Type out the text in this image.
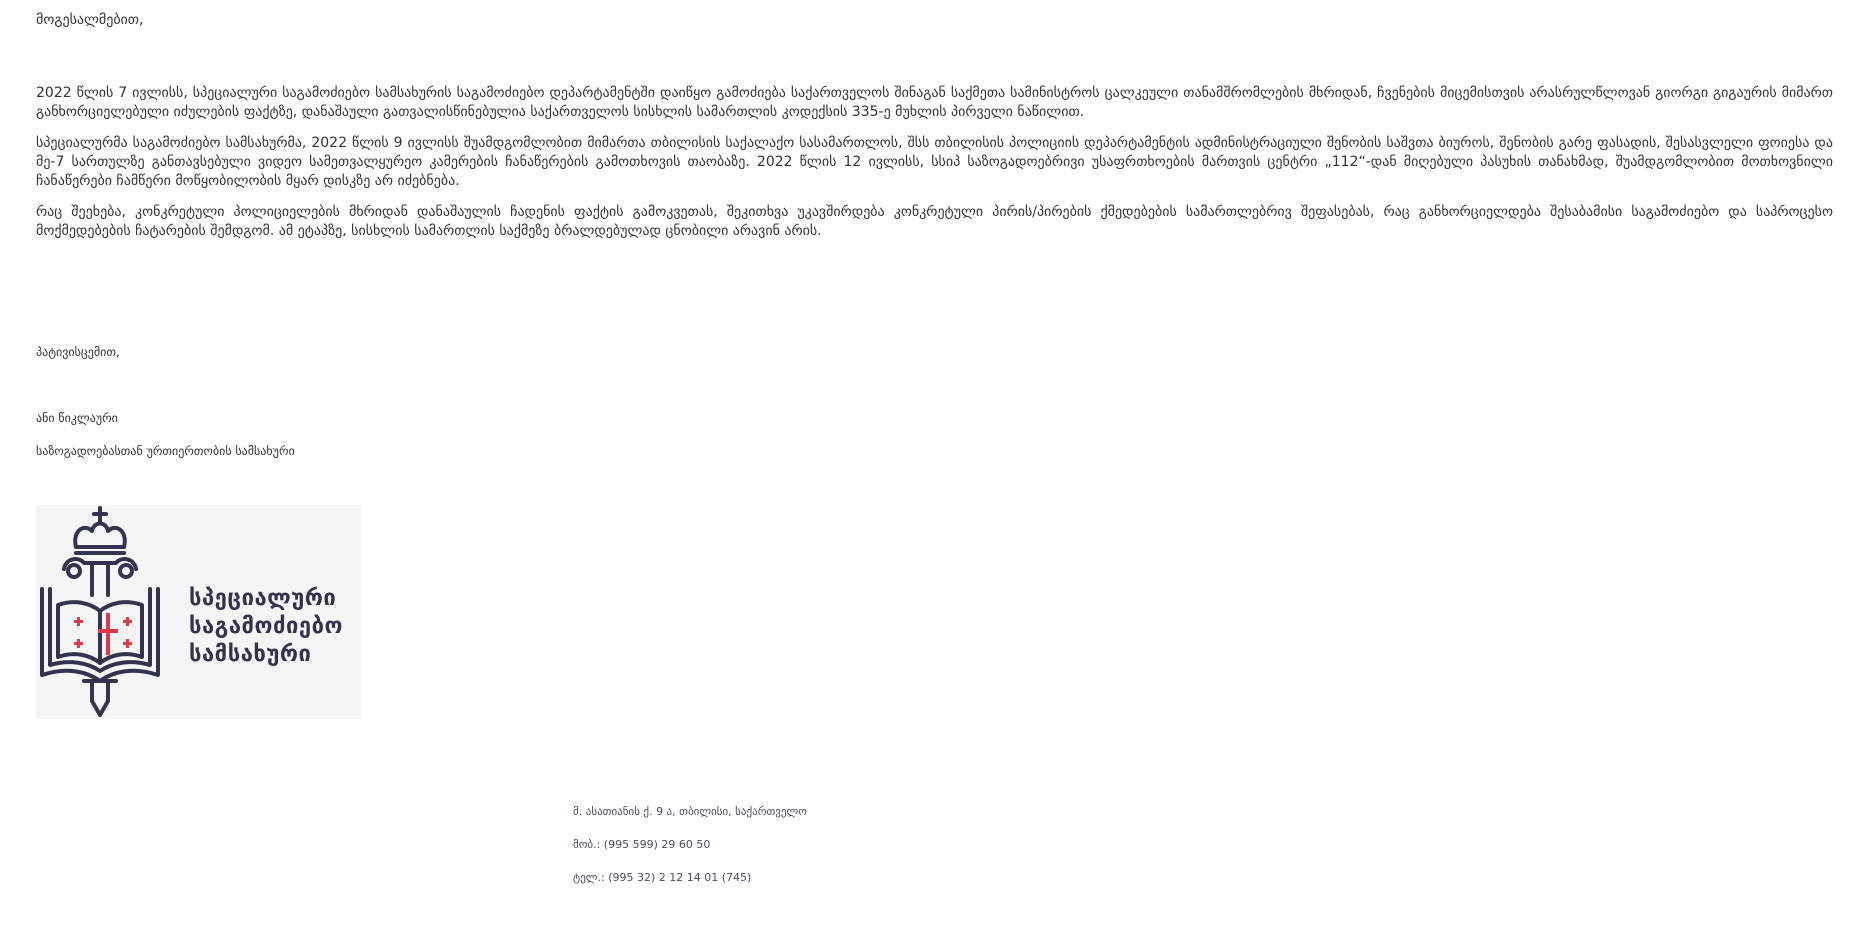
მოგესალმებით,

2022 წლის 7 ივლისს, სპეციალური საგამოძიებო სამსახურის საგამოძიებო დეპარტამენტში დაიწყო გამოძიება საქართველოს შინაგან საქმეთა სამინისტროს ცალკეული თანამშრომლების მხრიდან, ჩვენების მიცემისთვის არასრულწლოვან გიორგი გიგაურის მიმართ განხორციელებული იძულების ფაქტზე, დანაშაული გათვალისწინებულია საქართველოს სისხლის სამართლის კოდექსის 335-ე მუხლის პირველი ნაწილით.

სპეციალურმა საგამოძიებო სამსახურმა, 2022 წლის 9 ივლისს შუამდგომლობით მიმართა თბილისის საქალაქო სასამართლოს, შსს თბილისის პოლიციის დეპარტამენტის ადმინისტრაციული შენობის საშვთა ბიუროს, შენობის გარე ფასადის, შესასვლელი ფოიესა და მე-7 სართულზე განთავსებული ვიდეო სამეთვალყურეო კამერების ჩანაწერების გამოთხოვის თაობაზე. 2022 წლის 12 ივლისს, სსიპ საზოგადოებრივი უსაფრთხოების მართვის ცენტრი „112“-დან მიღებული პასუხის თანახმად, შუამდგომლობით მოთხოვნილი ჩანაწერები ჩამწერი მოწყობილობის მყარ დისკზე არ იძებნება.

რაც შეეხება, კონკრეტული პოლიციელების მხრიდან დანაშაულის ჩადენის ფაქტის გამოკვეთას, შეკითხვა უკავშირდება კონკრეტული პირის/პირების ქმედებების სამართლებრივ შეფასებას, რაც განხორციელდება შესაბამისი საგამოძიებო და საპროცესო მოქმედებების ჩატარების შემდგომ. ამ ეტაპზე, სისხლის სამართლის საქმეზე ბრალდებულად ცნობილი არავინ არის.

პატივისცემით,
ანი წიკლაური
საზოგადოებასთან ურთიერთობის სამსახური
სპეციალური
საგამოძიებო
სამსახური
მ. ასათიანის ქ. 9 ა, თბილისი, საქართველო
მობ.: (995 599) 29 60 50
ტელ.: (995 32) 2 12 14 01 (745)
